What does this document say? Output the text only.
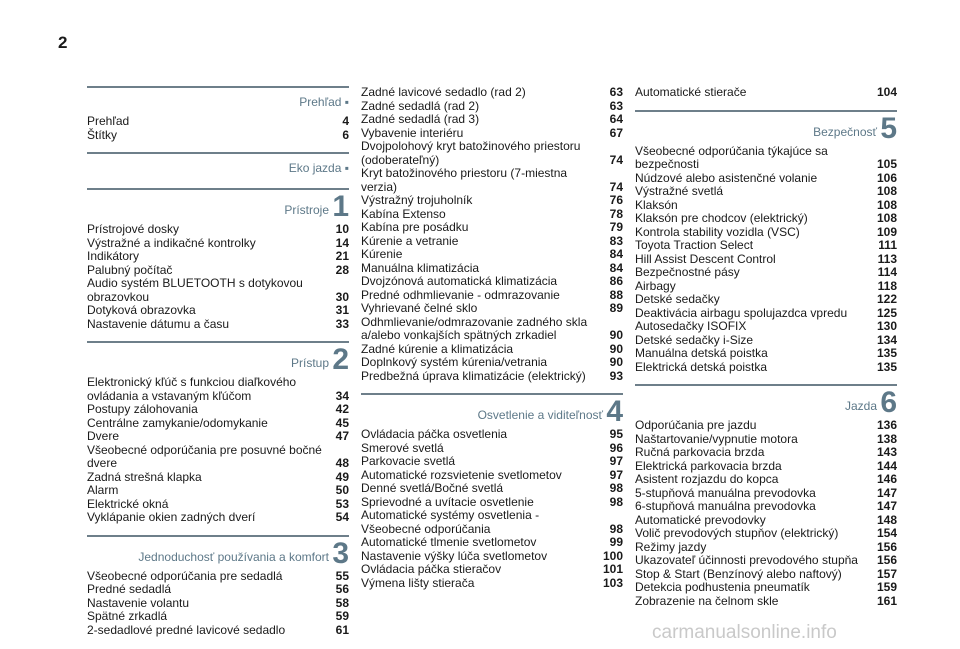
2
Prehľad ▪
Prehľad	4
Štítky	6
Eko jazda ▪
Prístroje 1
Prístrojové dosky	10
Výstražné a indikačné kontrolky	14
Indikátory	21
Palubný počítač	28
Audio systém BLUETOOTH s dotykovou obrazovkou	30
Dotyková obrazovka	31
Nastavenie dátumu a času	33
Prístup 2
Elektronický kľúč s funkciou diaľkového ovládania a vstavaným kľúčom	34
Postupy zálohovania	42
Centrálne zamykanie/odomykanie	45
Dvere	47
Všeobecné odporúčania pre posuvné bočné dvere	48
Zadná strešná klapka	49
Alarm	50
Elektrické okná	53
Vyklápanie okien zadných dverí	54
Jednoduchosť používania a komfort 3
Všeobecné odporúčania pre sedadlá	55
Predné sedadlá	56
Nastavenie volantu	58
Spätné zrkadlá	59
2-sedadlové predné lavicové sedadlo	61
Zadné lavicové sedadlo (rad 2)	63
Zadné sedadlá (rad 2)	63
Zadné sedadlá (rad 3)	64
Vybavenie interiéru	67
Dvojpolohový kryt batožinového priestoru (odoberateľný)	74
Kryt batožinového priestoru (7-miestna verzia)	74
Výstražný trojuholník	76
Kabína Extenso	78
Kabína pre posádku	79
Kúrenie a vetranie	83
Kúrenie	84
Manuálna klimatizácia	84
Dvojzónová automatická klimatizácia	86
Predné odhmlievanie - odmrazovanie	88
Vyhrievané čelné sklo	89
Odhmlievanie/odmrazovanie zadného skla a/alebo vonkajších spätných zrkadiel	90
Zadné kúrenie a klimatizácia	90
Doplnkový systém kúrenia/vetrania	90
Predbežná úprava klimatizácie (elektrický)	93
Osvetlenie a viditeľnosť 4
Ovládacia páčka osvetlenia	95
Smerové svetlá	96
Parkovacie svetlá	97
Automatické rozsvietenie svetlometov	97
Denné svetlá/Bočné svetlá	98
Sprievodné a uvítacie osvetlenie	98
Automatické systémy osvetlenia - Všeobecné odporúčania	98
Automatické tlmenie svetlometov	99
Nastavenie výšky lúča svetlometov	100
Ovládacia páčka stieračov	101
Výmena lišty stierača	103
Automatické stierače	104
Bezpečnosť 5
Všeobecné odporúčania týkajúce sa bezpečnosti	105
Núdzové alebo asistenčné volanie	106
Výstražné svetlá	108
Klaksón	108
Klaksón pre chodcov (elektrický)	108
Kontrola stability vozidla (VSC)	109
Toyota Traction Select	111
Hill Assist Descent Control	113
Bezpečnostné pásy	114
Airbagy	118
Detské sedačky	122
Deaktivácia airbagu spolujazdca vpredu	125
Autosedačky ISOFIX	130
Detské sedačky i-Size	134
Manuálna detská poistka	135
Elektrická detská poistka	135
Jazda 6
Odporúčania pre jazdu	136
Naštartovanie/vypnutie motora	138
Ručná parkovacia brzda	143
Elektrická parkovacia brzda	144
Asistent rozjazdu do kopca	146
5-stupňová manuálna prevodovka	147
6-stupňová manuálna prevodovka	147
Automatické prevodovky	148
Volič prevodových stupňov (elektrický)	154
Režimy jazdy	156
Ukazovateľ účinnosti prevodového stupňa	156
Stop & Start (Benzínový alebo naftový)	157
Detekcia podhustenia pneumatík	159
Zobrazenie na čelnom skle	161
carmanualsonline.info
